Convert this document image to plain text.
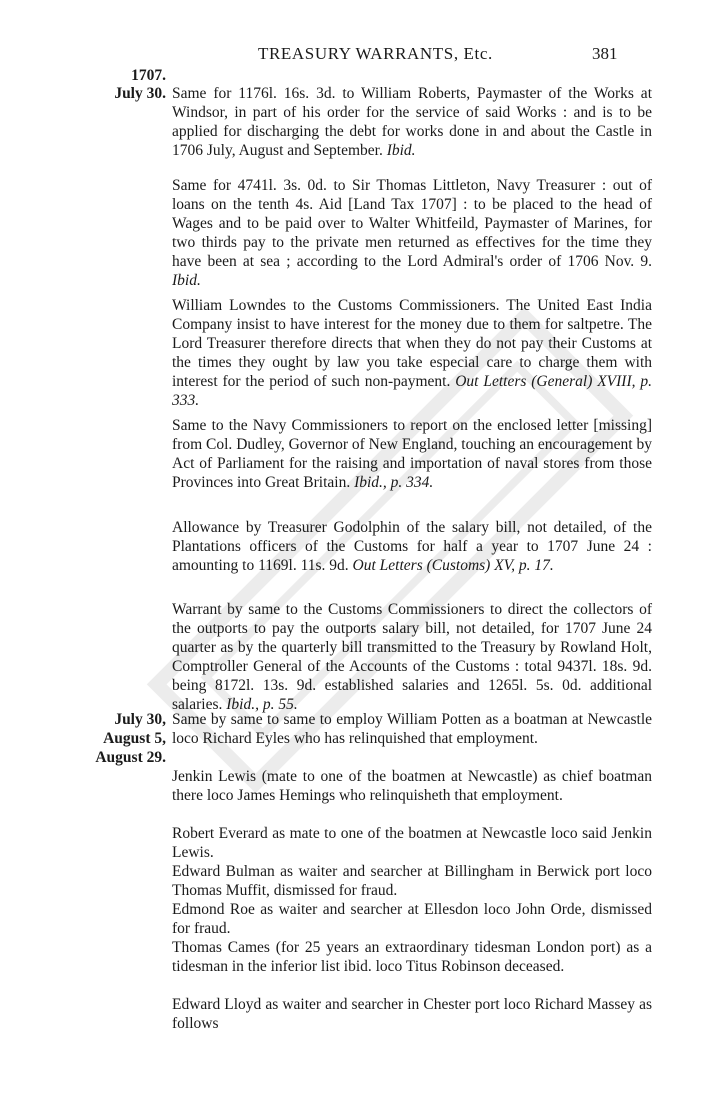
TREASURY WARRANTS, Etc.	381
1707.
July 30. Same for 1176l. 16s. 3d. to William Roberts, Paymaster of the Works at Windsor, in part of his order for the service of said Works : and is to be applied for discharging the debt for works done in and about the Castle in 1706 July, August and September. Ibid.
Same for 4741l. 3s. 0d. to Sir Thomas Littleton, Navy Treasurer : out of loans on the tenth 4s. Aid [Land Tax 1707] : to be placed to the head of Wages and to be paid over to Walter Whitfeild, Paymaster of Marines, for two thirds pay to the private men returned as effectives for the time they have been at sea ; according to the Lord Admiral's order of 1706 Nov. 9. Ibid.
William Lowndes to the Customs Commissioners. The United East India Company insist to have interest for the money due to them for saltpetre. The Lord Treasurer therefore directs that when they do not pay their Customs at the times they ought by law you take especial care to charge them with interest for the period of such non-payment. Out Letters (General) XVIII, p. 333.
Same to the Navy Commissioners to report on the enclosed letter [missing] from Col. Dudley, Governor of New England, touching an encouragement by Act of Parliament for the raising and importation of naval stores from those Provinces into Great Britain. Ibid., p. 334.
Allowance by Treasurer Godolphin of the salary bill, not detailed, of the Plantations officers of the Customs for half a year to 1707 June 24 : amounting to 1169l. 11s. 9d. Out Letters (Customs) XV, p. 17.
Warrant by same to the Customs Commissioners to direct the collectors of the outports to pay the outports salary bill, not detailed, for 1707 June 24 quarter as by the quarterly bill transmitted to the Treasury by Rowland Holt, Comptroller General of the Accounts of the Customs : total 9437l. 18s. 9d. being 8172l. 13s. 9d. established salaries and 1265l. 5s. 0d. additional salaries. Ibid., p. 55.
July 30,
August 5,
August 29.
Same by same to same to employ William Potten as a boatman at Newcastle loco Richard Eyles who has relinquished that employment.
Jenkin Lewis (mate to one of the boatmen at Newcastle) as chief boatman there loco James Hemings who relinquisheth that employment.
Robert Everard as mate to one of the boatmen at Newcastle loco said Jenkin Lewis.
Edward Bulman as waiter and searcher at Billingham in Berwick port loco Thomas Muffit, dismissed for fraud.
Edmond Roe as waiter and searcher at Ellesdon loco John Orde, dismissed for fraud.
Thomas Cames (for 25 years an extraordinary tidesman London port) as a tidesman in the inferior list ibid. loco Titus Robinson deceased.
Edward Lloyd as waiter and searcher in Chester port loco Richard Massey as follows
